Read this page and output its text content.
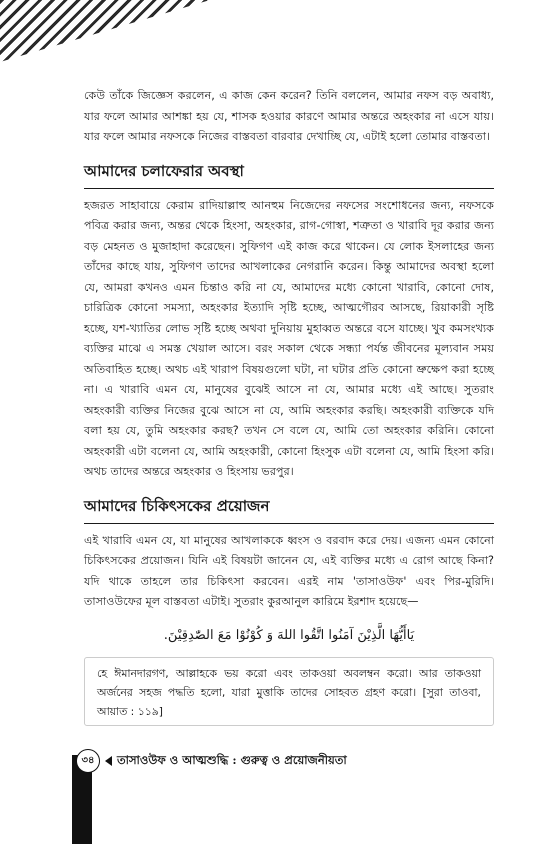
কেউ তাঁকে জিজ্ঞেস করলেন, এ কাজ কেন করেন? তিনি বললেন, আমার নফস বড় অবাধ্য, যার ফলে আমার আশঙ্কা হয় যে, শাসক হওয়ার কারণে আমার অন্তরে অহংকার না এসে যায়। যার ফলে আমার নফসকে নিজের বাস্তবতা বারবার দেখাচ্ছি যে, এটাই হলো তোমার বাস্তবতা।

আমাদের চলাফেরার অবস্থা

হজরত সাহাবায়ে কেরাম রাদিয়াল্লাহু আনহুম নিজেদের নফসের সংশোধনের জন্য, নফসকে পবিত্র করার জন্য, অন্তর থেকে হিংসা, অহংকার, রাগ-গোস্বা, শত্রুতা ও খারাবি দূর করার জন্য বড় মেহনত ও মুজাহাদা করেছেন। সুফিগণ এই কাজ করে থাকেন। যে লোক ইসলাহের জন্য তাঁদের কাছে যায়, সুফিগণ তাদের আখলাকের নেগরানি করেন। কিন্তু আমাদের অবস্থা হলো যে, আমরা কখনও এমন চিন্তাও করি না যে, আমাদের মধ্যে কোনো খারাবি, কোনো দোষ, চারিত্রিক কোনো সমস্যা, অহংকার ইত্যাদি সৃষ্টি হচ্ছে, আত্মগৌরব আসছে, রিয়াকারী সৃষ্টি হচ্ছে, যশ-খ্যাতির লোভ সৃষ্টি হচ্ছে অথবা দুনিয়ায় মুহাব্বত অন্তরে বসে যাচ্ছে। খুব কমসংখ্যক ব্যক্তির মাঝে এ সমস্ত খেয়াল আসে। বরং সকাল থেকে সন্ধ্যা পর্যন্ত জীবনের মূল্যবান সময় অতিবাহিত হচ্ছে। অথচ এই খারাপ বিষয়গুলো ঘটা, না ঘটার প্রতি কোনো ভ্রুক্ষেপ করা হচ্ছে না। এ খারাবি এমন যে, মানুষের বুঝেই আসে না যে, আমার মধ্যে এই আছে। সুতরাং অহংকারী ব্যক্তির নিজের বুঝে আসে না যে, আমি অহংকার করছি। অহংকারী ব্যক্তিকে যদি বলা হয় যে, তুমি অহংকার করছ? তখন সে বলে যে, আমি তো অহংকার করিনি। কোনো অহংকারী এটা বলেনা যে, আমি অহংকারী, কোনো হিংসুক এটা বলেনা যে, আমি হিংসা করি। অথচ তাদের অন্তরে অহংকার ও হিংসায় ভরপুর।

আমাদের চিকিৎসকের প্রয়োজন

এই খারাবি এমন যে, যা মানুষের আখলাককে ধ্বংস ও বরবাদ করে দেয়। এজন্য এমন কোনো চিকিৎসকের প্রয়োজন। যিনি এই বিষয়টা জানেন যে, এই ব্যক্তির মধ্যে এ রোগ আছে কিনা? যদি থাকে তাহলে তার চিকিৎসা করবেন। এরই নাম 'তাসাওউফ' এবং পির-মুরিদি। তাসাওউফের মূল বাস্তবতা এটাই। সুতরাং কুরআনুল কারিমে ইরশাদ হয়েছে—

يَاأَيُّهَا الَّذِيْنَ آمَنُوا اتَّقُوا اللهَ وَ كُوْنُوْا مَعَ الصّٰدِقِيْنَ.

হে ঈমানদারগণ, আল্লাহকে ভয় করো এবং তাকওয়া অবলম্বন করো। আর তাকওয়া অর্জনের সহজ পদ্ধতি হলো, যারা মুত্তাকি তাদের সোহবত গ্রহণ করো। [সুরা তাওবা, আয়াত : ১১৯]

৩৪	তাসাওউফ ও আত্মশুদ্ধি : গুরুত্ব ও প্রয়োজনীয়তা
